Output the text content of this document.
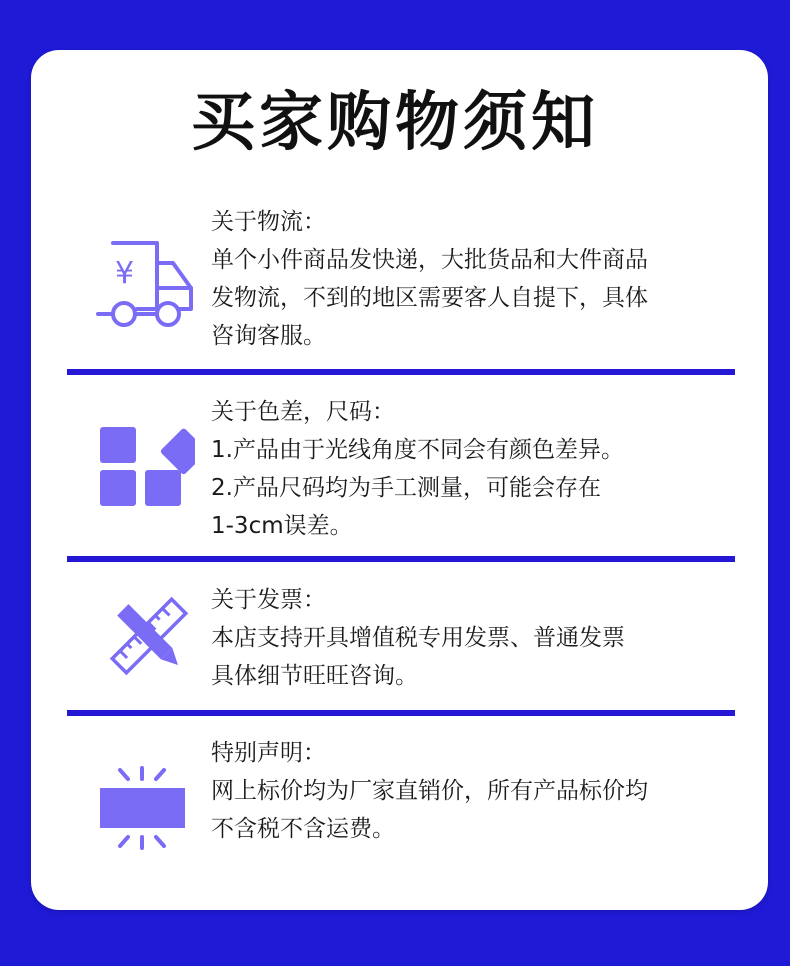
买家购物须知
¥
关于物流：
单个小件商品发快递，大批货品和大件商品
发物流，不到的地区需要客人自提下，具体
咨询客服。
关于色差，尺码：
1.产品由于光线角度不同会有颜色差异。
2.产品尺码均为手工测量，可能会存在
1-3cm误差。
关于发票：
本店支持开具增值税专用发票、普通发票
具体细节旺旺咨询。
特别声明：
网上标价均为厂家直销价，所有产品标价均
不含税不含运费。
